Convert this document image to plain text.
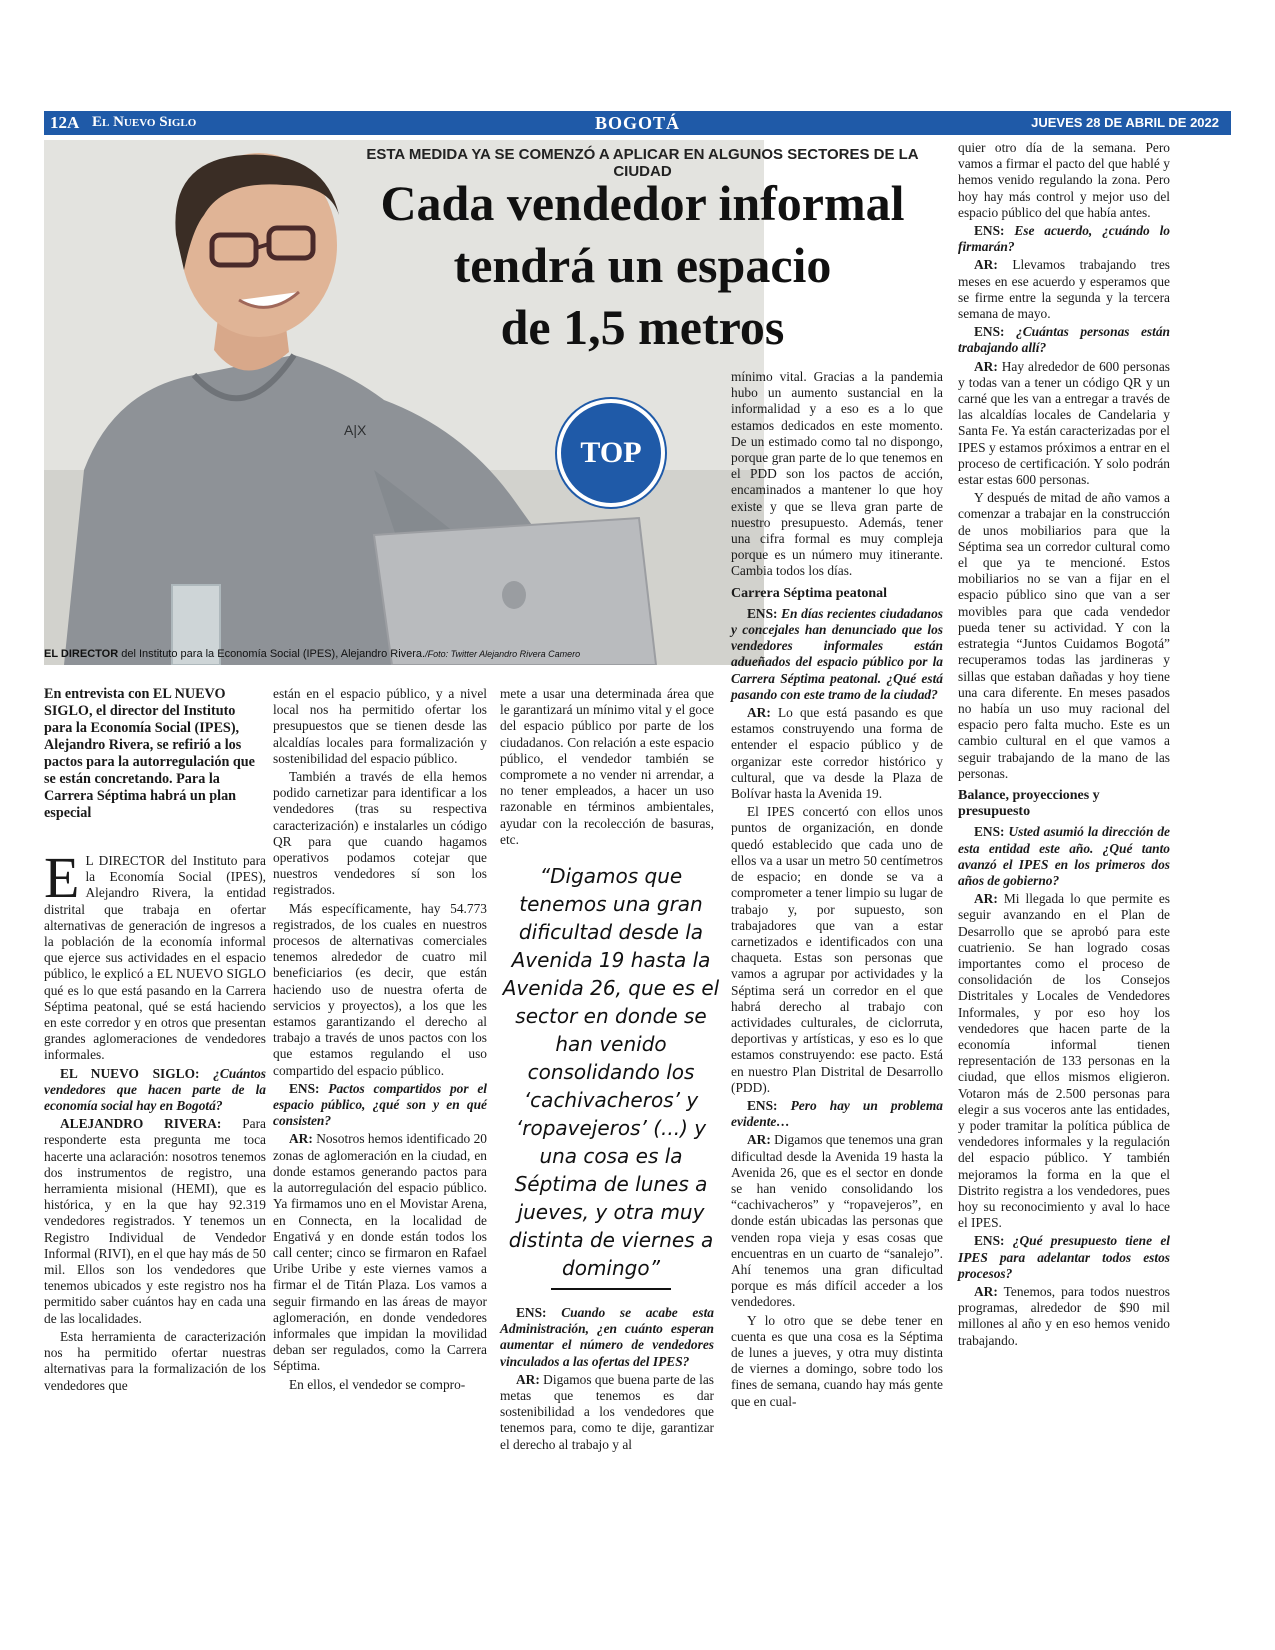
12A El Nuevo Siglo	BOGOTÁ	JUEVES 28 DE ABRIL DE 2022
A|X
ESTA MEDIDA YA SE COMENZÓ A APLICAR EN ALGUNOS SECTORES DE LA CIUDAD
Cada vendedor informal
tendrá un espacio
de 1,5 metros
TOP
EL DIRECTOR del Instituto para la Economía Social (IPES), Alejandro Rivera./Foto: Twitter Alejandro Rivera Camero
En entrevista con EL NUEVO SIGLO, el director del Instituto para la Economía Social (IPES), Alejandro Rivera, se refirió a los pactos para la autorregulación que se están concretando. Para la Carrera Séptima habrá un plan especial

E L DIRECTOR del Instituto para la Economía Social (IPES), Alejandro Rivera, la entidad distrital que trabaja en ofertar alternativas de generación de ingresos a la población de la economía informal que ejerce sus actividades en el espacio público, le explicó a EL NUEVO SIGLO qué es lo que está pasando en la Carrera Séptima peatonal, qué se está haciendo en este corredor y en otros que presentan grandes aglomeraciones de vendedores informales.

EL NUEVO SIGLO: ¿Cuántos vendedores que hacen parte de la economía social hay en Bogotá?

ALEJANDRO RIVERA: Para responderte esta pregunta me toca hacerte una aclaración: nosotros tenemos dos instrumentos de registro, una herramienta misional (HEMI), que es histórica, y en la que hay 92.319 vendedores registrados. Y tenemos un Registro Individual de Vendedor Informal (RIVI), en el que hay más de 50 mil. Ellos son los vendedores que tenemos ubicados y este registro nos ha permitido saber cuántos hay en cada una de las localidades.

Esta herramienta de caracterización nos ha permitido ofertar nuestras alternativas para la formalización de los vendedores que

están en el espacio público, y a nivel local nos ha permitido ofertar los presupuestos que se tienen desde las alcaldías locales para formalización y sostenibilidad del espacio público.

También a través de ella hemos podido carnetizar para identificar a los vendedores (tras su respectiva caracterización) e instalarles un código QR para que cuando hagamos operativos podamos cotejar que nuestros vendedores sí son los registrados.

Más específicamente, hay 54.773 registrados, de los cuales en nuestros procesos de alternativas comerciales tenemos alrededor de cuatro mil beneficiarios (es decir, que están haciendo uso de nuestra oferta de servicios y proyectos), a los que les estamos garantizando el derecho al trabajo a través de unos pactos con los que estamos regulando el uso compartido del espacio público.

ENS: Pactos compartidos por el espacio público, ¿qué son y en qué consisten?

AR: Nosotros hemos identificado 20 zonas de aglomeración en la ciudad, en donde estamos generando pactos para la autorregulación del espacio público. Ya firmamos uno en el Movistar Arena, en Connecta, en la localidad de Engativá y en donde están todos los call center; cinco se firmaron en Rafael Uribe Uribe y este viernes vamos a firmar el de Titán Plaza. Los vamos a seguir firmando en las áreas de mayor aglomeración, en donde vendedores informales que impidan la movilidad deban ser regulados, como la Carrera Séptima.

En ellos, el vendedor se compro-

mete a usar una determinada área que le garantizará un mínimo vital y el goce del espacio público por parte de los ciudadanos. Con relación a este espacio público, el vendedor también se compromete a no vender ni arrendar, a no tener empleados, a hacer un uso razonable en términos ambientales, ayudar con la recolección de basuras, etc.

“Digamos que tenemos una gran dificultad desde la Avenida 19 hasta la Avenida 26, que es el sector en donde se han venido consolidando los ‘cachivacheros’ y ‘ropavejeros’ (...) y una cosa es la Séptima de lunes a jueves, y otra muy distinta de viernes a domingo”

ENS: Cuando se acabe esta Administración, ¿en cuánto esperan aumentar el número de vendedores vinculados a las ofertas del IPES?

AR: Digamos que buena parte de las metas que tenemos es dar sostenibilidad a los vendedores que tenemos para, como te dije, garantizar el derecho al trabajo y al

mínimo vital. Gracias a la pandemia hubo un aumento sustancial en la informalidad y a eso es a lo que estamos dedicados en este momento. De un estimado como tal no dispongo, porque gran parte de lo que tenemos en el PDD son los pactos de acción, encaminados a mantener lo que hoy existe y que se lleva gran parte de nuestro presupuesto. Además, tener una cifra formal es muy compleja porque es un número muy itinerante. Cambia todos los días.

Carrera Séptima peatonal

ENS: En días recientes ciudadanos y concejales han denunciado que los vendedores informales están adueñados del espacio público por la Carrera Séptima peatonal. ¿Qué está pasando con este tramo de la ciudad?

AR: Lo que está pasando es que estamos construyendo una forma de entender el espacio público y de organizar este corredor histórico y cultural, que va desde la Plaza de Bolívar hasta la Avenida 19.

El IPES concertó con ellos unos puntos de organización, en donde quedó establecido que cada uno de ellos va a usar un metro 50 centímetros de espacio; en donde se va a comprometer a tener limpio su lugar de trabajo y, por supuesto, son trabajadores que van a estar carnetizados e identificados con una chaqueta. Estas son personas que vamos a agrupar por actividades y la Séptima será un corredor en el que habrá derecho al trabajo con actividades culturales, de ciclorruta, deportivas y artísticas, y eso es lo que estamos construyendo: ese pacto. Está en nuestro Plan Distrital de Desarrollo (PDD).

ENS: Pero hay un problema evidente…

AR: Digamos que tenemos una gran dificultad desde la Avenida 19 hasta la Avenida 26, que es el sector en donde se han venido consolidando los “cachivacheros” y “ropavejeros”, en donde están ubicadas las personas que venden ropa vieja y esas cosas que encuentras en un cuarto de “sanalejo”. Ahí tenemos una gran dificultad porque es más difícil acceder a los vendedores.

Y lo otro que se debe tener en cuenta es que una cosa es la Séptima de lunes a jueves, y otra muy distinta de viernes a domingo, sobre todo los fines de semana, cuando hay más gente que en cual-

quier otro día de la semana. Pero vamos a firmar el pacto del que hablé y hemos venido regulando la zona. Pero hoy hay más control y mejor uso del espacio público del que había antes.

ENS: Ese acuerdo, ¿cuándo lo firmarán?

AR: Llevamos trabajando tres meses en ese acuerdo y esperamos que se firme entre la segunda y la tercera semana de mayo.

ENS: ¿Cuántas personas están trabajando allí?

AR: Hay alrededor de 600 personas y todas van a tener un código QR y un carné que les van a entregar a través de las alcaldías locales de Candelaria y Santa Fe. Ya están caracterizadas por el IPES y estamos próximos a entrar en el proceso de certificación. Y solo podrán estar estas 600 personas.

Y después de mitad de año vamos a comenzar a trabajar en la construcción de unos mobiliarios para que la Séptima sea un corredor cultural como el que ya te mencioné. Estos mobiliarios no se van a fijar en el espacio público sino que van a ser movibles para que cada vendedor pueda tener su actividad. Y con la estrategia “Juntos Cuidamos Bogotá” recuperamos todas las jardineras y sillas que estaban dañadas y hoy tiene una cara diferente. En meses pasados no había un uso muy racional del espacio pero falta mucho. Este es un cambio cultural en el que vamos a seguir trabajando de la mano de las personas.

Balance, proyecciones y presupuesto

ENS: Usted asumió la dirección de esta entidad este año. ¿Qué tanto avanzó el IPES en los primeros dos años de gobierno?

AR: Mi llegada lo que permite es seguir avanzando en el Plan de Desarrollo que se aprobó para este cuatrienio. Se han logrado cosas importantes como el proceso de consolidación de los Consejos Distritales y Locales de Vendedores Informales, y por eso hoy los vendedores que hacen parte de la economía informal tienen representación de 133 personas en la ciudad, que ellos mismos eligieron. Votaron más de 2.500 personas para elegir a sus voceros ante las entidades, y poder tramitar la política pública de vendedores informales y la regulación del espacio público. Y también mejoramos la forma en la que el Distrito registra a los vendedores, pues hoy su reconocimiento y aval lo hace el IPES.

ENS: ¿Qué presupuesto tiene el IPES para adelantar todos estos procesos?

AR: Tenemos, para todos nuestros programas, alrededor de $90 mil millones al año y en eso hemos venido trabajando.
